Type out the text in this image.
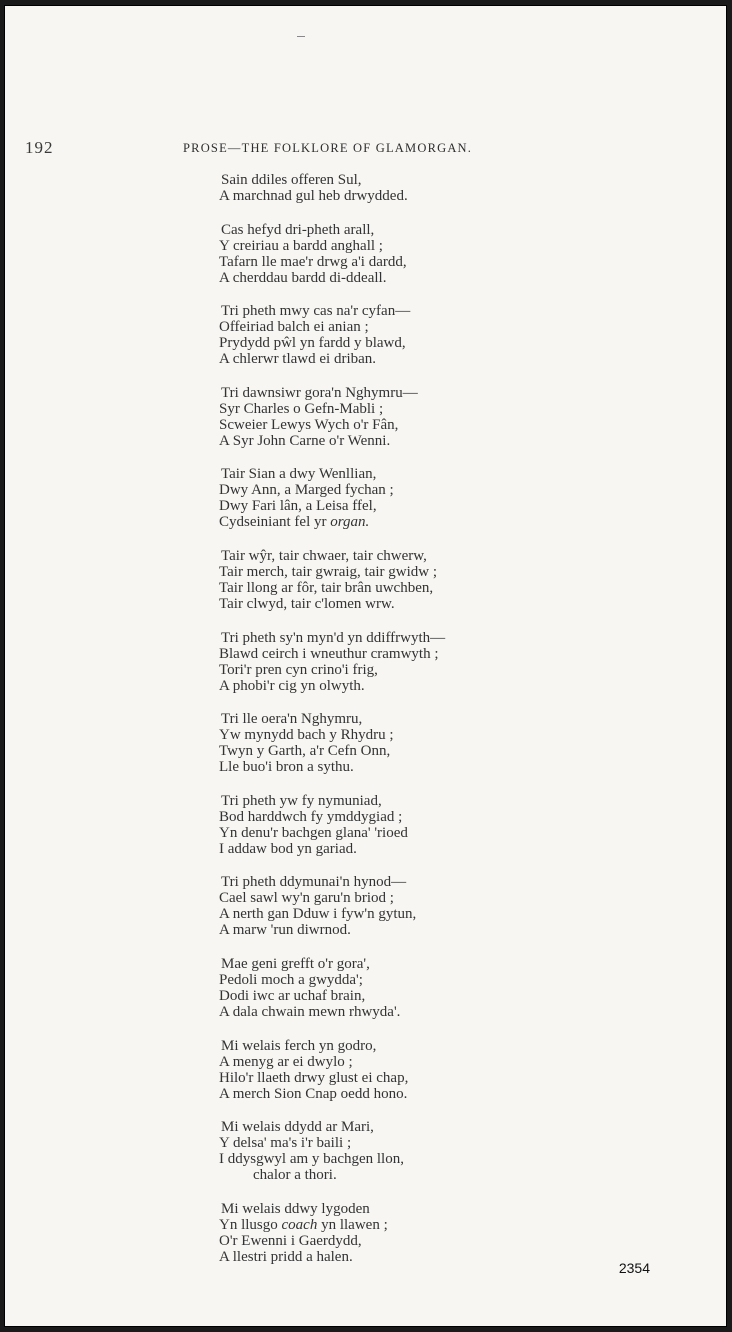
192	PROSE—THE FOLKLORE OF GLAMORGAN.
Sain ddiles offeren Sul,
A marchnad gul heb drwydded.
Cas hefyd dri-pheth arall,
Y creiriau a bardd anghall ;
Tafarn lle mae'r drwg a'i dardd,
A cherddau bardd di-ddeall.
Tri pheth mwy cas na'r cyfan—
Offeiriad balch ei anian ;
Prydydd pŵl yn fardd y blawd,
A chlerwr tlawd ei driban.
Tri dawnsiwr gora'n Nghymru—
Syr Charles o Gefn-Mabli ;
Scweier Lewys Wych o'r Fân,
A Syr John Carne o'r Wenni.
Tair Sian a dwy Wenllian,
Dwy Ann, a Marged fychan ;
Dwy Fari lân, a Leisa ffel,
Cydseiniant fel yr organ.
Tair wŷr, tair chwaer, tair chwerw,
Tair merch, tair gwraig, tair gwidw ;
Tair llong ar fôr, tair brân uwchben,
Tair clwyd, tair c'lomen wrw.
Tri pheth sy'n myn'd yn ddiffrwyth—
Blawd ceirch i wneuthur cramwyth ;
Tori'r pren cyn crino'i frig,
A phobi'r cig yn olwyth.
Tri lle oera'n Nghymru,
Yw mynydd bach y Rhydru ;
Twyn y Garth, a'r Cefn Onn,
Lle buo'i bron a sythu.
Tri pheth yw fy nymuniad,
Bod harddwch fy ymddygiad ;
Yn denu'r bachgen glana' 'rioed
I addaw bod yn gariad.
Tri pheth ddymunai'n hynod—
Cael sawl wy'n garu'n briod ;
A nerth gan Dduw i fyw'n gytun,
A marw 'run diwrnod.
Mae geni grefft o'r gora',
Pedoli moch a gwydda';
Dodi iwc ar uchaf brain,
A dala chwain mewn rhwyda'.
Mi welais ferch yn godro,
A menyg ar ei dwylo ;
Hilo'r llaeth drwy glust ei chap,
A merch Sion Cnap oedd hono.
Mi welais ddydd ar Mari,
Y delsa' ma's i'r baili ;
I ddysgwyl am y bachgen llon,
chalor a thori.
Mi welais ddwy lygoden
Yn llusgo coach yn llawen ;
O'r Ewenni i Gaerdydd,
A llestri pridd a halen.
2354
